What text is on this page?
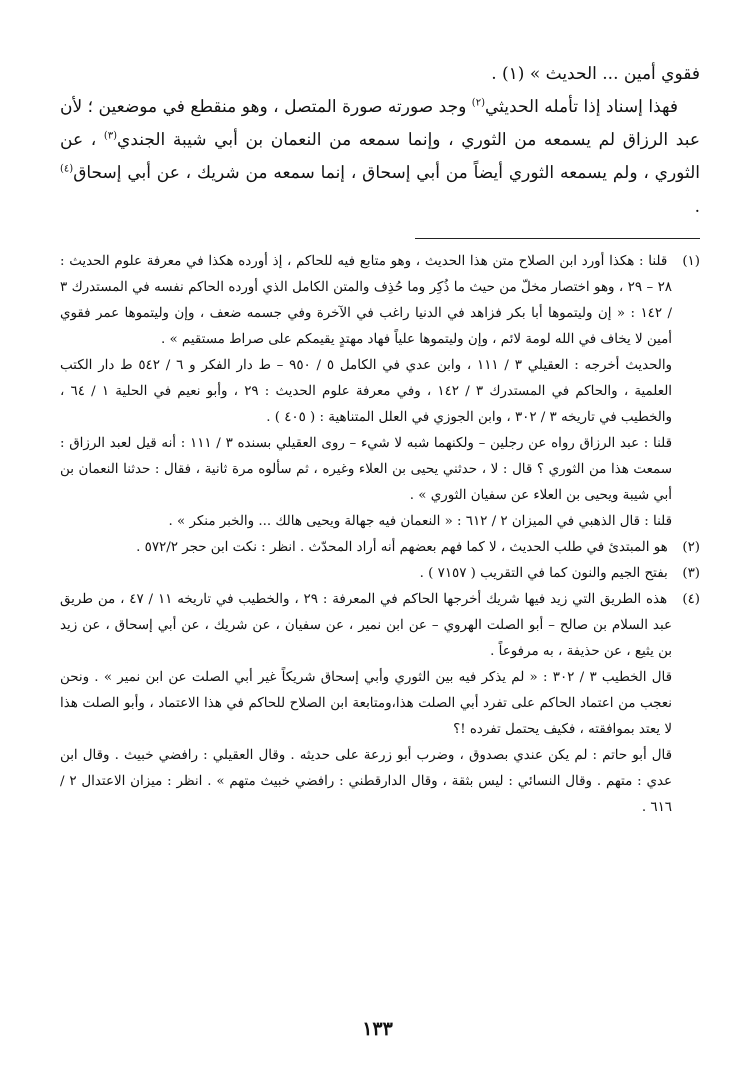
فقوي أمين ... الحديث » (١) .

فهذا إسناد إذا تأمله الحديثي$^{(٢)}$ وجد صورته صورة المتصل ، وهو منقطع في موضعين ؛ لأن عبد الرزاق لم يسمعه من الثوري ، وإنما سمعه من النعمان بن أبي شيبة الجندي$^{(٣)}$ ، عن الثوري ، ولم يسمعه الثوري أيضاً من أبي إسحاق ، إنما سمعه من شريك ، عن أبي إسحاق$^{(٤)}$ .

(١) قلنا : هكذا أورد ابن الصلاح متن هذا الحديث ، وهو متابع فيه للحاكم ، إذ أورده هكذا في معرفة علوم الحديث : ٢٨ – ٢٩ ، وهو اختصار مخلّ من حيث ما ذُكِر وما حُذِف والمتن الكامل الذي أورده الحاكم نفسه في المستدرك ٣ / ١٤٢ : « إن وليتموها أبا بكر فزاهد في الدنيا راغب في الآخرة وفي جسمه ضعف ، وإن وليتموها عمر فقوي أمين لا يخاف في الله لومة لائم ، وإن وليتموها علياً فهاد مهتدٍ يقيمكم على صراط مستقيم » .

والحديث أخرجه : العقيلي ٣ / ١١١ ، وابن عدي في الكامل ٥ / ٩٥٠ – ط دار الفكر و ٦ / ٥٤٢ ط دار الكتب العلمية ، والحاكم في المستدرك ٣ / ١٤٢ ، وفي معرفة علوم الحديث : ٢٩ ، وأبو نعيم في الحلية ١ / ٦٤ ، والخطيب في تاريخه ٣ / ٣٠٢ ، وابن الجوزي في العلل المتناهية : ( ٤٠٥ ) .

قلنا : عبد الرزاق رواه عن رجلين – ولكنهما شبه لا شيء – روى العقيلي بسنده ٣ / ١١١ : أنه قيل لعبد الرزاق : سمعت هذا من الثوري ؟ قال : لا ، حدثني يحيى بن العلاء وغيره ، ثم سألوه مرة ثانية ، فقال : حدثنا النعمان بن أبي شيبة ويحيى بن العلاء عن سفيان الثوري » .

قلنا : قال الذهبي في الميزان ٢ / ٦١٢ : « النعمان فيه جهالة ويحيى هالك ... والخبر منكر » .

(٢) هو المبتدئ في طلب الحديث ، لا كما فهم بعضهم أنه أراد المحدّث . انظر : نكت ابن حجر ٥٧٢/٢ .

(٣) بفتح الجيم والنون كما في التقريب ( ٧١٥٧ ) .

(٤) هذه الطريق التي زيد فيها شريك أخرجها الحاكم في المعرفة : ٢٩ ، والخطيب في تاريخه ١١ / ٤٧ ، من طريق عبد السلام بن صالح – أبو الصلت الهروي – عن ابن نمير ، عن سفيان ، عن شريك ، عن أبي إسحاق ، عن زيد بن يثيع ، عن حذيفة ، به مرفوعاً .

قال الخطيب ٣ / ٣٠٢ : « لم يذكر فيه بين الثوري وأبي إسحاق شريكاً غير أبي الصلت عن ابن نمير » . ونحن نعجب من اعتماد الحاكم على تفرد أبي الصلت هذا،ومتابعة ابن الصلاح للحاكم في هذا الاعتماد ، وأبو الصلت هذا لا يعتد بموافقته ، فكيف يحتمل تفرده !؟

قال أبو حاتم : لم يكن عندي بصدوق ، وضرب أبو زرعة على حديثه . وقال العقيلي : رافضي خبيث . وقال ابن عدي : متهم . وقال النسائي : ليس بثقة ، وقال الدارقطني : رافضي خبيث متهم » . انظر : ميزان الاعتدال ٢ / ٦١٦ .

١٣٣
